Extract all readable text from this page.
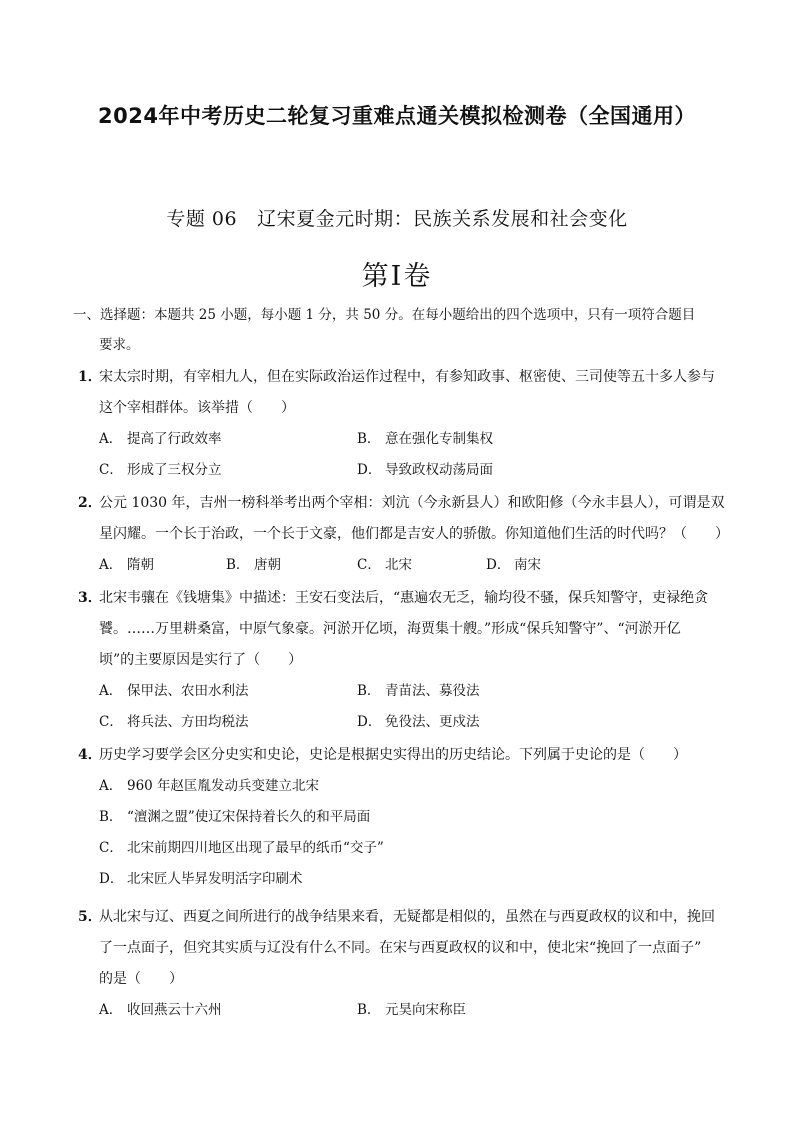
2024年中考历史二轮复习重难点通关模拟检测卷（全国通用）
专题 06 辽宋夏金元时期：民族关系发展和社会变化
第Ⅰ卷
一、选择题：本题共 25 小题，每小题 1 分，共 50 分。在每小题给出的四个选项中，只有一项符合题目
要求。
1．宋太宗时期，有宰相九人，但在实际政治运作过程中，有参知政事、枢密使、三司使等五十多人参与
这个宰相群体。该举措（　　）
A． 提高了行政效率	B． 意在强化专制集权
C． 形成了三权分立	D． 导致政权动荡局面
2．公元 1030 年，吉州一榜科举考出两个宰相：刘沆（今永新县人）和欧阳修（今永丰县人），可谓是双
星闪耀。一个长于治政，一个长于文豪，他们都是吉安人的骄傲。你知道他们生活的时代吗？（　　）
A． 隋朝	B． 唐朝	C． 北宋	D． 南宋
3．北宋韦骧在《钱塘集》中描述：王安石变法后，“惠遍农无乏，输均役不骚，保兵知警守，吏禄绝贪
饕。……万里耕桑富，中原气象豪。河淤开亿顷，海贾集十艘。”形成“保兵知警守”、“河淤开亿
顷”的主要原因是实行了（　　）
A． 保甲法、农田水利法	B． 青苗法、募役法
C． 将兵法、方田均税法	D． 免役法、更戍法
4．历史学习要学会区分史实和史论，史论是根据史实得出的历史结论。下列属于史论的是（　　）
A． 960 年赵匡胤发动兵变建立北宋
B． “澶渊之盟”使辽宋保持着长久的和平局面
C． 北宋前期四川地区出现了最早的纸币“交子”
D． 北宋匠人毕昇发明活字印刷术
5．从北宋与辽、西夏之间所进行的战争结果来看，无疑都是相似的，虽然在与西夏政权的议和中，挽回
了一点面子，但究其实质与辽没有什么不同。在宋与西夏政权的议和中，使北宋“挽回了一点面子”
的是（　　）
A． 收回燕云十六州	B． 元昊向宋称臣
